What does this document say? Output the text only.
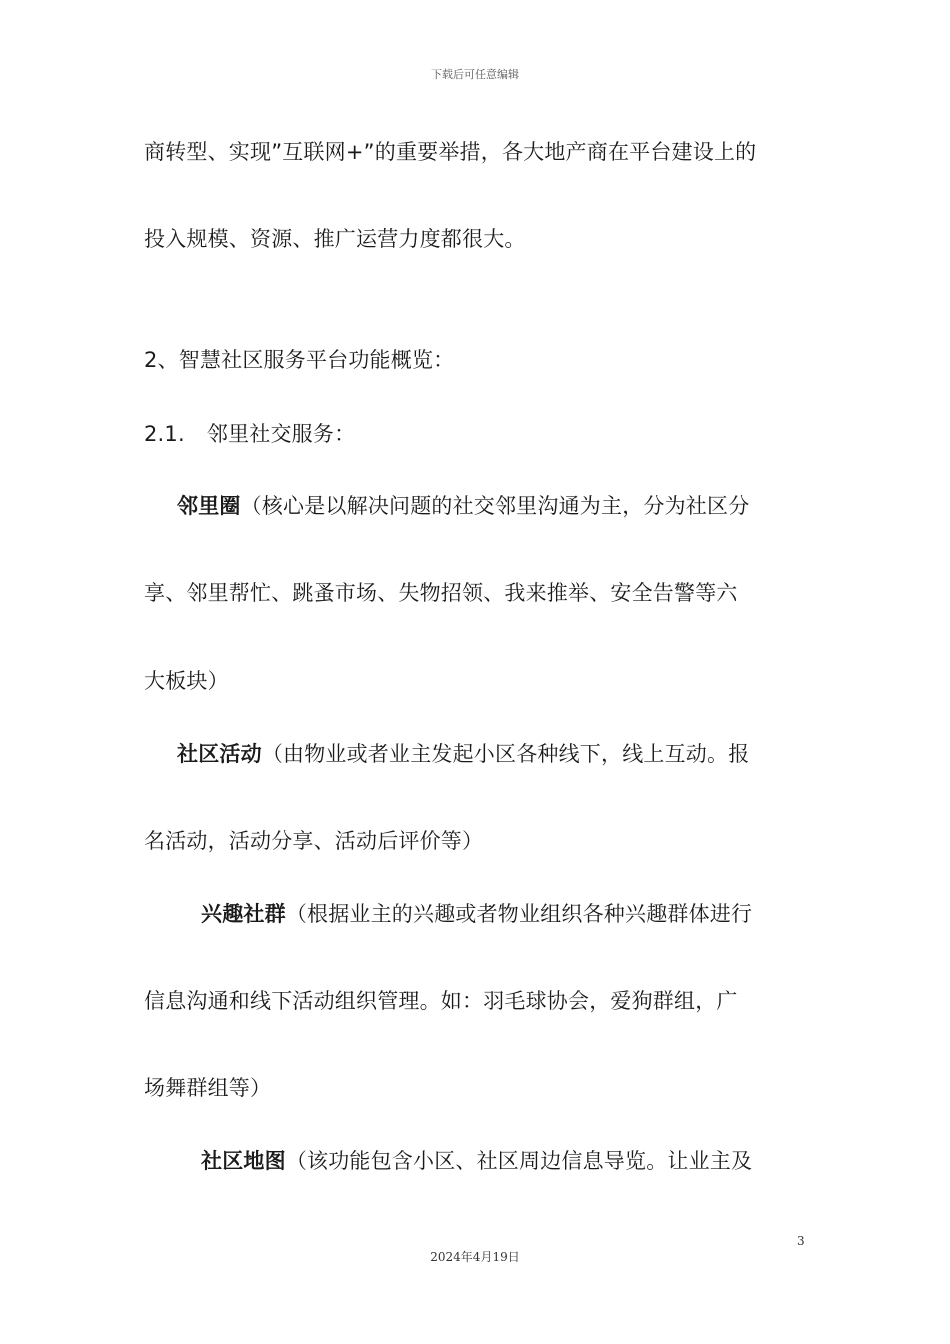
下载后可任意编辑
商转型、实现”互联网+”的重要举措，各大地产商在平台建设上的
投入规模、资源、推广运营力度都很大。
2、智慧社区服务平台功能概览：
2.1. 邻里社交服务：
邻里圈（核心是以解决问题的社交邻里沟通为主，分为社区分
享、邻里帮忙、跳蚤市场、失物招领、我来推举、安全告警等六
大板块）
社区活动（由物业或者业主发起小区各种线下，线上互动。报
名活动，活动分享、活动后评价等）
兴趣社群（根据业主的兴趣或者物业组织各种兴趣群体进行
信息沟通和线下活动组织管理。如：羽毛球协会，爱狗群组，广
场舞群组等）
社区地图（该功能包含小区、社区周边信息导览。让业主及
3
2024年4月19日
